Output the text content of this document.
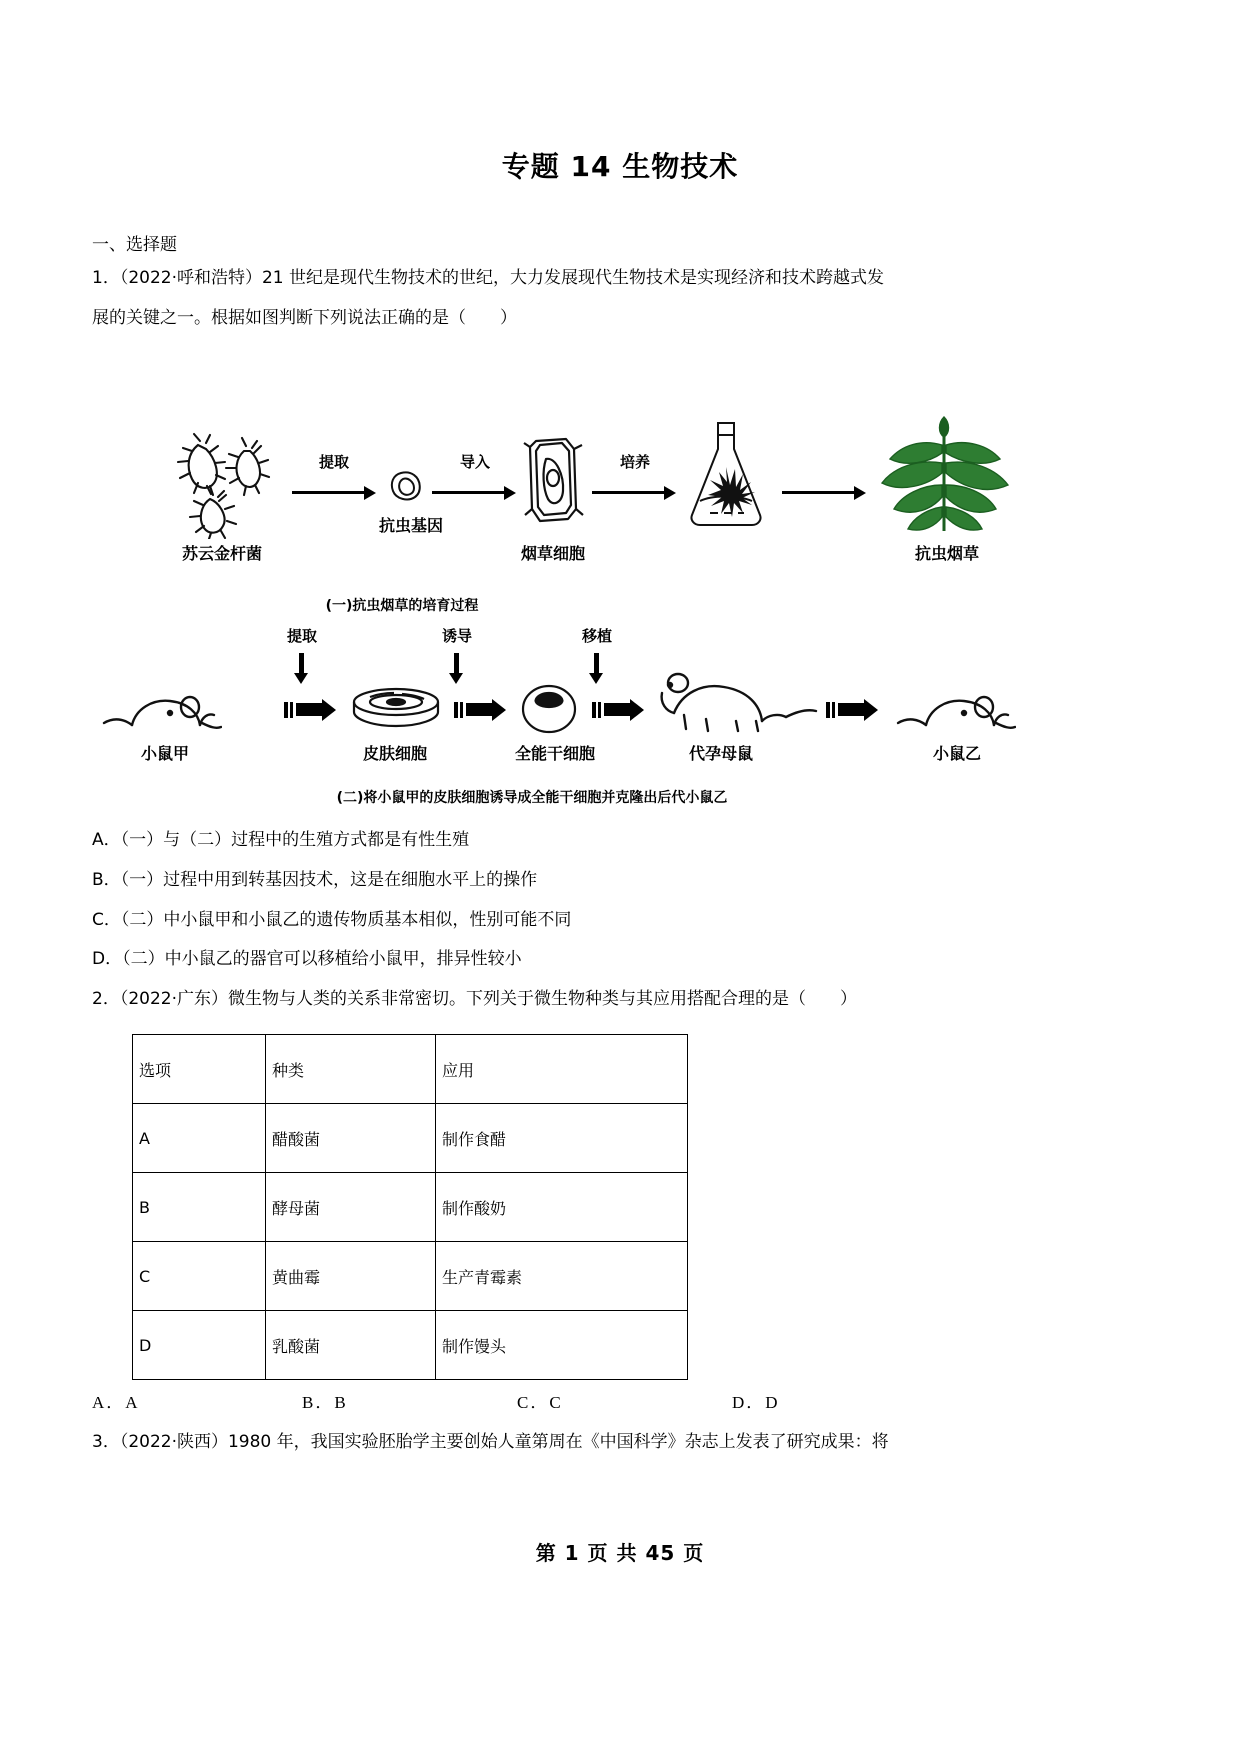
专题 14 生物技术
一、选择题
1．（2022·呼和浩特）21 世纪是现代生物技术的世纪，大力发展现代生物技术是实现经济和技术跨越式发
展的关键之一。根据如图判断下列说法正确的是（　　）
苏云金杆菌
提取
抗虫基因
导入
烟草细胞
培养
抗虫烟草
(一)抗虫烟草的培育过程
提取	诱导	移植
小鼠甲	皮肤细胞	全能干细胞	代孕母鼠	小鼠乙
(二)将小鼠甲的皮肤细胞诱导成全能干细胞并克隆出后代小鼠乙
A．（一）与（二）过程中的生殖方式都是有性生殖
B．（一）过程中用到转基因技术，这是在细胞水平上的操作
C．（二）中小鼠甲和小鼠乙的遗传物质基本相似，性别可能不同
D．（二）中小鼠乙的器官可以移植给小鼠甲，排异性较小
2．（2022·广东）微生物与人类的关系非常密切。下列关于微生物种类与其应用搭配合理的是（　　）
选项	种类	应用
A	醋酸菌	制作食醋
B	酵母菌	制作酸奶
C	黄曲霉	生产青霉素
D	乳酸菌	制作馒头
A．A	B．B	C．C	D．D
3．（2022·陕西）1980 年，我国实验胚胎学主要创始人童第周在《中国科学》杂志上发表了研究成果：将
第 1 页 共 45 页
